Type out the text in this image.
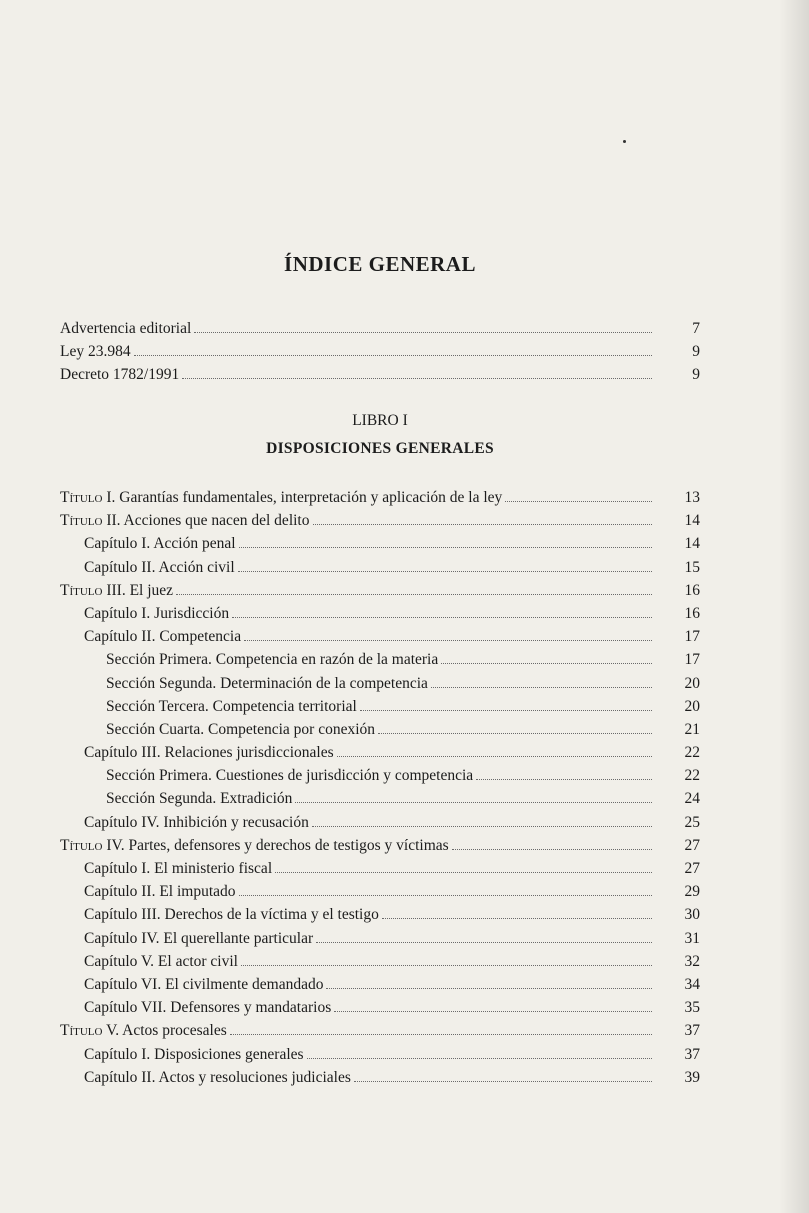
ÍNDICE GENERAL
Advertencia editorial	7
Ley 23.984	9
Decreto 1782/1991	9
LIBRO I
DISPOSICIONES GENERALES
Título I. Garantías fundamentales, interpretación y aplicación de la ley	13
Título II. Acciones que nacen del delito	14
Capítulo I. Acción penal	14
Capítulo II. Acción civil	15
Título III. El juez	16
Capítulo I. Jurisdicción	16
Capítulo II. Competencia	17
Sección Primera. Competencia en razón de la materia	17
Sección Segunda. Determinación de la competencia	20
Sección Tercera. Competencia territorial	20
Sección Cuarta. Competencia por conexión	21
Capítulo III. Relaciones jurisdiccionales	22
Sección Primera. Cuestiones de jurisdicción y competencia	22
Sección Segunda. Extradición	24
Capítulo IV. Inhibición y recusación	25
Título IV. Partes, defensores y derechos de testigos y víctimas	27
Capítulo I. El ministerio fiscal	27
Capítulo II. El imputado	29
Capítulo III. Derechos de la víctima y el testigo	30
Capítulo IV. El querellante particular	31
Capítulo V. El actor civil	32
Capítulo VI. El civilmente demandado	34
Capítulo VII. Defensores y mandatarios	35
Título V. Actos procesales	37
Capítulo I. Disposiciones generales	37
Capítulo II. Actos y resoluciones judiciales	39
